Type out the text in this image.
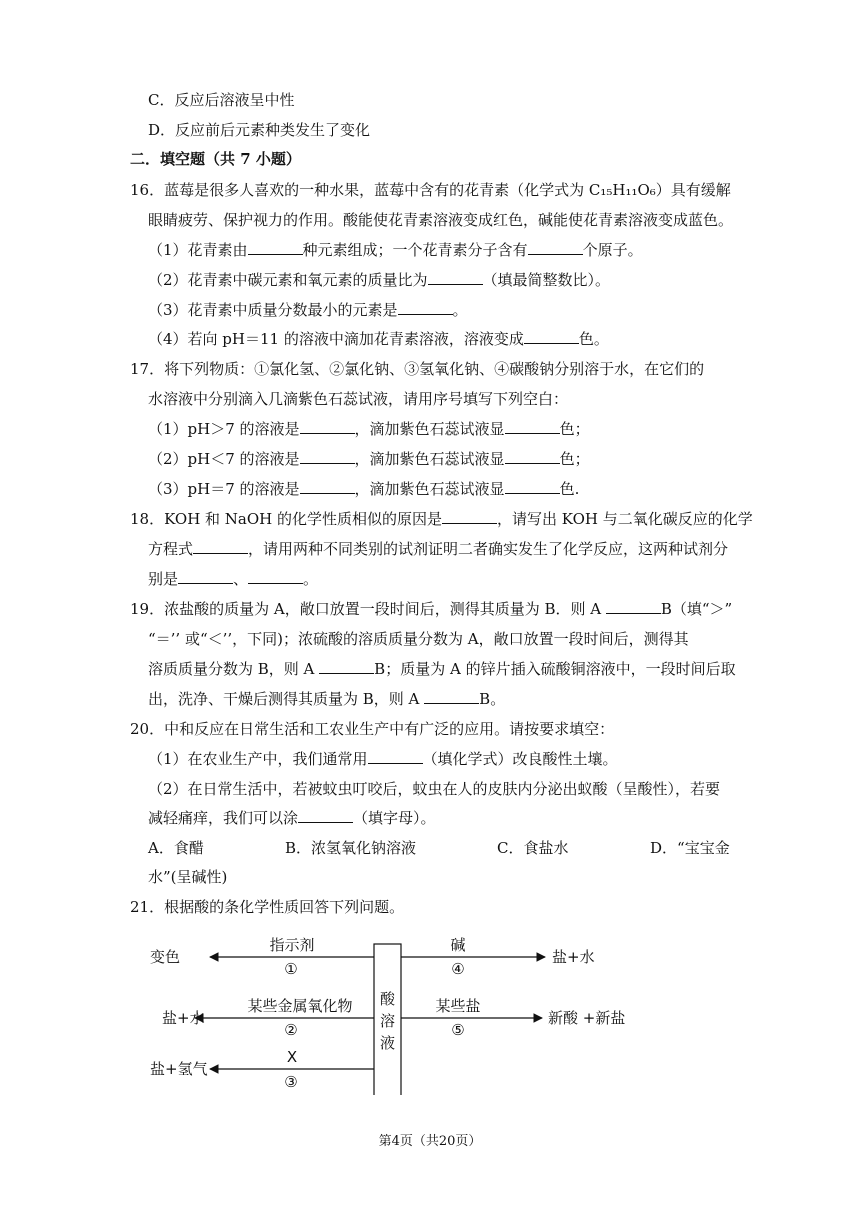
C．反应后溶液呈中性
D．反应前后元素种类发生了变化
二．填空题（共 7 小题）
16．蓝莓是很多人喜欢的一种水果，蓝莓中含有的花青素（化学式为 C₁₅H₁₁O₆）具有缓解
眼睛疲劳、保护视力的作用。酸能使花青素溶液变成红色，碱能使花青素溶液变成蓝色。
（1）花青素由	种元素组成；一个花青素分子含有	个原子。
（2）花青素中碳元素和氧元素的质量比为	（填最简整数比）。
（3）花青素中质量分数最小的元素是	。
（4）若向 pH＝11 的溶液中滴加花青素溶液，溶液变成	色。
17．将下列物质：①氯化氢、②氯化钠、③氢氧化钠、④碳酸钠分别溶于水，在它们的
水溶液中分别滴入几滴紫色石蕊试液，请用序号填写下列空白：
（1）pH＞7 的溶液是	，滴加紫色石蕊试液显	色；
（2）pH＜7 的溶液是	，滴加紫色石蕊试液显	色；
（3）pH＝7 的溶液是	，滴加紫色石蕊试液显	色.
18．KOH 和 NaOH 的化学性质相似的原因是	，请写出 KOH 与二氧化碳反应的化学
方程式	，请用两种不同类别的试剂证明二者确实发生了化学反应，这两种试剂分
别是	、	。
19．浓盐酸的质量为 A，敞口放置一段时间后，测得其质量为 B．则 A	B（填“＞”
“＝’’ 或“＜’’，下同)；浓硫酸的溶质质量分数为 A，敞口放置一段时间后，测得其
溶质质量分数为 B，则 A	B；质量为 A 的锌片插入硫酸铜溶液中，一段时间后取
出，洗净、干燥后测得其质量为 B，则 A	B。
20．中和反应在日常生活和工农业生产中有广泛的应用。请按要求填空：
（1）在农业生产中，我们通常用	（填化学式）改良酸性土壤。
（2）在日常生活中，若被蚊虫叮咬后，蚊虫在人的皮肤内分泌出蚁酸（呈酸性），若要
减轻痛痒，我们可以涂	（填字母）。
A．食醋	B．浓氢氧化钠溶液	C．食盐水	D．“宝宝金
水”(呈碱性)
21．根据酸的条化学性质回答下列问题。
酸
溶
液
变色
盐+水
盐+氢气
指示剂
某些金属氧化物
X
①
②
③
碱
某些盐
④
⑤
盐+水
新酸 +新盐
第4页（共20页）
